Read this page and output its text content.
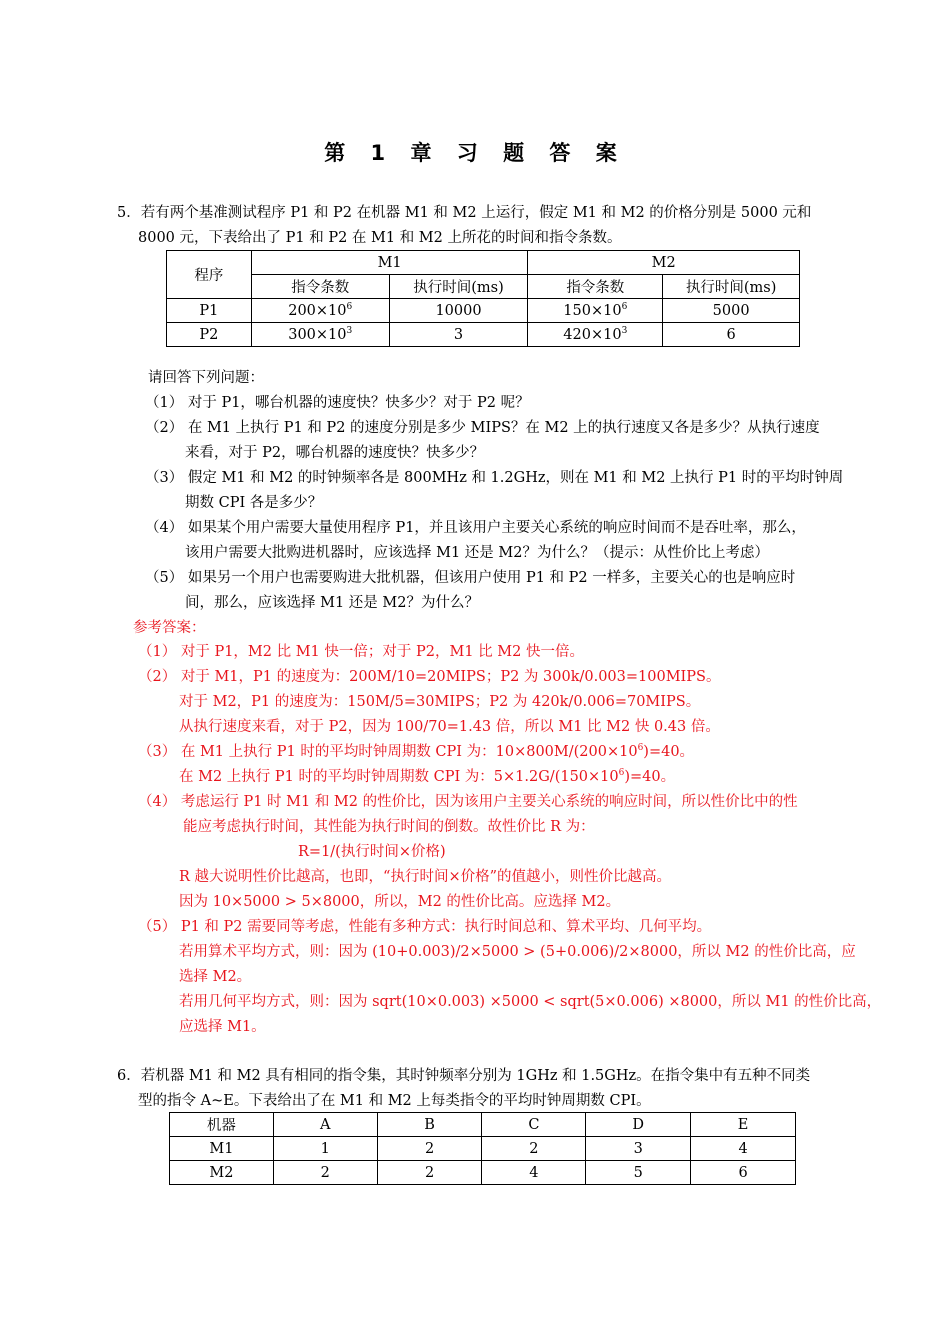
第 1 章 习 题 答 案
5．若有两个基准测试程序 P1 和 P2 在机器 M1 和 M2 上运行，假定 M1 和 M2 的价格分别是 5000 元和
8000 元，下表给出了 P1 和 P2 在 M1 和 M2 上所花的时间和指令条数。
程序	M1		M2	
	指令条数	执行时间(ms)	指令条数	执行时间(ms)
P1	$200\times 10^6$	10000	$150\times 10^6$	5000
P2	$300\times 10^3$	3	$420\times 10^3$	6
请回答下列问题：
（1） 对于 P1，哪台机器的速度快？快多少？对于 P2 呢？
（2） 在 M1 上执行 P1 和 P2 的速度分别是多少 MIPS？在 M2 上的执行速度又各是多少？从执行速度
来看，对于 P2，哪台机器的速度快？快多少？
（3） 假定 M1 和 M2 的时钟频率各是 800MHz 和 1.2GHz，则在 M1 和 M2 上执行 P1 时的平均时钟周
期数 CPI 各是多少？
（4） 如果某个用户需要大量使用程序 P1，并且该用户主要关心系统的响应时间而不是吞吐率，那么，
该用户需要大批购进机器时，应该选择 M1 还是 M2？为什么？（提示：从性价比上考虑）
（5） 如果另一个用户也需要购进大批机器，但该用户使用 P1 和 P2 一样多，主要关心的也是响应时
间，那么，应该选择 M1 还是 M2？为什么？
参考答案：
（1） 对于 P1，M2 比 M1 快一倍；对于 P2，M1 比 M2 快一倍。
（2） 对于 M1，P1 的速度为：200M/10=20MIPS；P2 为 300k/0.003=100MIPS。
对于 M2，P1 的速度为：150M/5=30MIPS；P2 为 420k/0.006=70MIPS。
从执行速度来看，对于 P2，因为 100/70=1.43 倍，所以 M1 比 M2 快 0.43 倍。
（3） 在 M1 上执行 P1 时的平均时钟周期数 CPI 为：$10\times 800M/(200\times 10^6)=40$。
在 M2 上执行 P1 时的平均时钟周期数 CPI 为：$5\times 1.2G/(150\times 10^6)=40$。
（4） 考虑运行 P1 时 M1 和 M2 的性价比，因为该用户主要关心系统的响应时间，所以性价比中的性
能应考虑执行时间，其性能为执行时间的倒数。故性价比 R 为：
R=1/(执行时间×价格)
R 越大说明性价比越高，也即，“执行时间×价格”的值越小，则性价比越高。
因为 10×5000 > 5×8000，所以，M2 的性价比高。应选择 M2。
（5） P1 和 P2 需要同等考虑，性能有多种方式：执行时间总和、算术平均、几何平均。
若用算术平均方式，则：因为 (10+0.003)/2×5000 > (5+0.006)/2×8000，所以 M2 的性价比高，应
选择 M2。
若用几何平均方式，则：因为 sqrt(10×0.003) ×5000 < sqrt(5×0.006) ×8000，所以 M1 的性价比高，
应选择 M1。
6．若机器 M1 和 M2 具有相同的指令集，其时钟频率分别为 1GHz 和 1.5GHz。在指令集中有五种不同类
型的指令 A~E。下表给出了在 M1 和 M2 上每类指令的平均时钟周期数 CPI。
机器	A	B	C	D	E
M1	1	2	2	3	4
M2	2	2	4	5	6
